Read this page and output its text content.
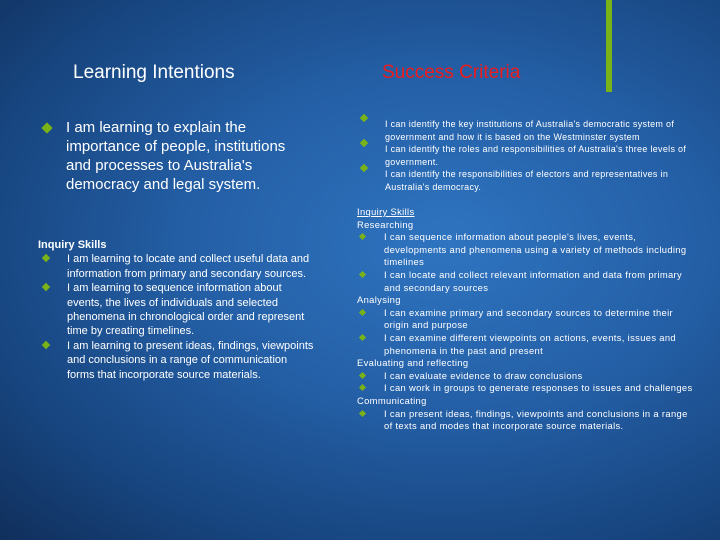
Learning Intentions	Success Criteria
I am learning to explain the importance of people, institutions and processes to Australia's democracy and legal system.
Inquiry Skills
I am learning to locate and collect useful data and information from primary and secondary sources.
I am learning to sequence information about events, the lives of individuals and selected phenomena in chronological order and represent time by creating timelines.
I am learning to present ideas, findings, viewpoints and conclusions in a range of communication forms that incorporate source materials.
I can identify the key institutions of Australia's democratic system of government and how it is based on the Westminster system
I can identify the roles and responsibilities of Australia's three levels of government.
I can identify the responsibilities of electors and representatives in Australia's democracy.
Inquiry Skills
Researching
I can sequence information about people's lives, events, developments and phenomena using a variety of methods including timelines
I can locate and collect relevant information and data from primary and secondary sources
Analysing
I can examine primary and secondary sources to determine their origin and purpose
I can examine different viewpoints on actions, events, issues and phenomena in the past and present
Evaluating and reflecting
I can evaluate evidence to draw conclusions
I can work in groups to generate responses to issues and challenges
Communicating
I can present ideas, findings, viewpoints and conclusions in a range of texts and modes that incorporate source materials.
